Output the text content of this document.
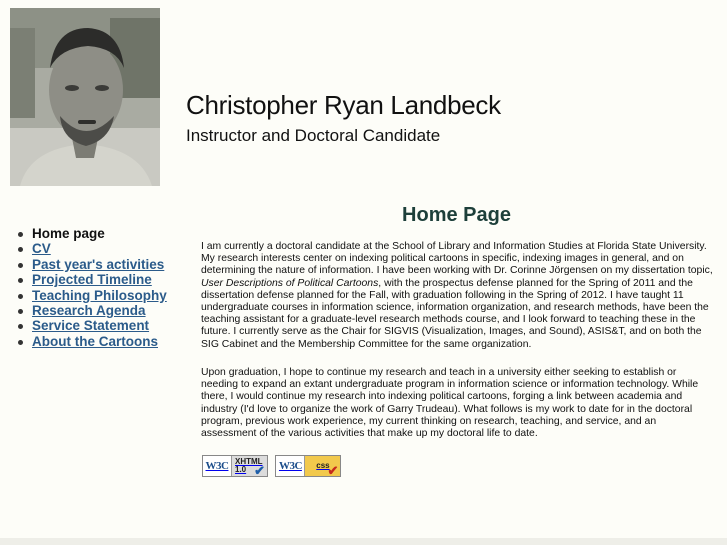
Christopher Ryan Landbeck
Instructor and Doctoral Candidate
Home page
CV
Past year's activities
Projected Timeline
Teaching Philosophy
Research Agenda
Service Statement
About the Cartoons
Home Page

I am currently a doctoral candidate at the School of Library and Information Studies at Florida State University. My research interests center on indexing political cartoons in specific, indexing images in general, and on determining the nature of information. I have been working with Dr. Corinne Jörgensen on my dissertation topic, User Descriptions of Political Cartoons, with the prospectus defense planned for the Spring of 2011 and the dissertation defense planned for the Fall, with graduation following in the Spring of 2012. I have taught 11 undergraduate courses in information science, information organization, and research methods, have been the teaching assistant for a graduate-level research methods course, and I look forward to teaching these in the future. I currently serve as the Chair for SIGVIS (Visualization, Images, and Sound), ASIS&T, and on both the SIG Cabinet and the Membership Committee for the same organization.

Upon graduation, I hope to continue my research and teach in a university either seeking to establish or needing to expand an extant undergraduate program in information science or information technology. While there, I would continue my research into indexing political cartoons, forging a link between academia and industry (I'd love to organize the work of Garry Trudeau). What follows is my work to date for in the doctoral program, previous work experience, my current thinking on research, teaching, and service, and an assessment of the various activities that make up my doctoral life to date.

W3C XHTML
1.0 ✔
W3C	css
✔
